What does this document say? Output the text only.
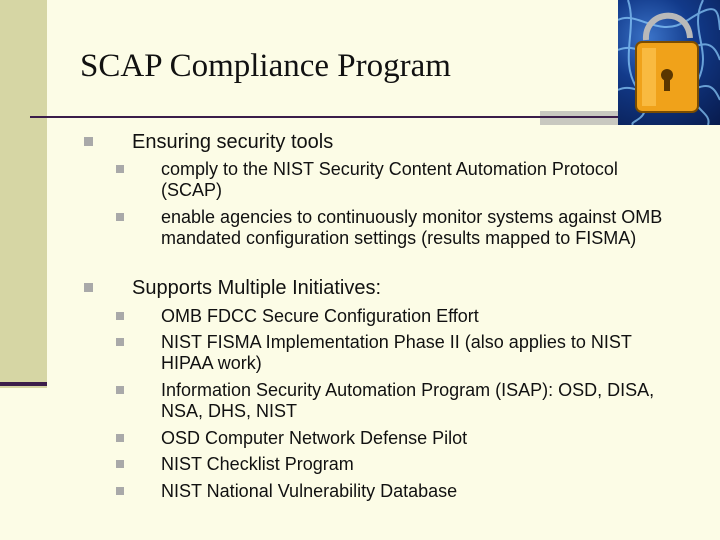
SCAP Compliance Program
Ensuring security tools
comply to the NIST Security Content Automation Protocol (SCAP)
enable agencies to continuously monitor systems against OMB mandated configuration settings (results mapped to FISMA)
Supports Multiple Initiatives:
OMB FDCC Secure Configuration Effort
NIST FISMA Implementation Phase II (also applies to NIST HIPAA work)
Information Security Automation Program (ISAP): OSD, DISA, NSA, DHS, NIST
OSD Computer Network Defense Pilot
NIST Checklist Program
NIST National Vulnerability Database
